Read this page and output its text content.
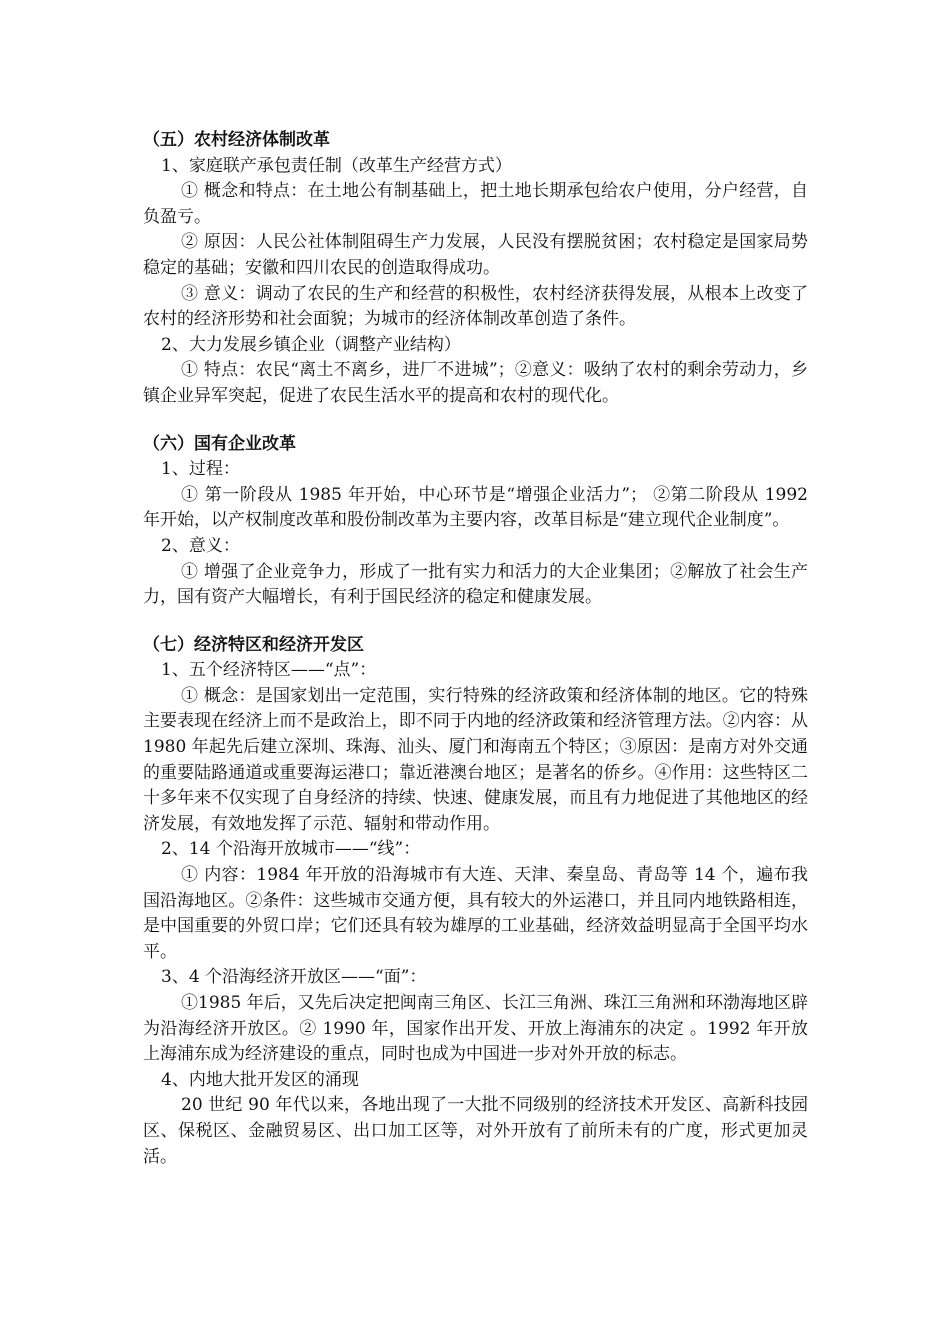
（五）农村经济体制改革

1、家庭联产承包责任制（改革生产经营方式）

① 概念和特点：在土地公有制基础上，把土地长期承包给农户使用，分户经营，自负盈亏。

② 原因：人民公社体制阻碍生产力发展，人民没有摆脱贫困；农村稳定是国家局势稳定的基础；安徽和四川农民的创造取得成功。

③ 意义：调动了农民的生产和经营的积极性，农村经济获得发展，从根本上改变了农村的经济形势和社会面貌；为城市的经济体制改革创造了条件。

2、大力发展乡镇企业（调整产业结构）

① 特点：农民“离土不离乡，进厂不进城”；②意义：吸纳了农村的剩余劳动力，乡镇企业异军突起，促进了农民生活水平的提高和农村的现代化。

（六）国有企业改革

1、过程：

① 第一阶段从 1985 年开始，中心环节是“增强企业活力”； ②第二阶段从 1992 年开始，以产权制度改革和股份制改革为主要内容，改革目标是“建立现代企业制度”。

2、意义：

① 增强了企业竞争力，形成了一批有实力和活力的大企业集团；②解放了社会生产力，国有资产大幅增长，有利于国民经济的稳定和健康发展。

（七）经济特区和经济开发区

1、五个经济特区——“点”：

① 概念：是国家划出一定范围，实行特殊的经济政策和经济体制的地区。它的特殊主要表现在经济上而不是政治上，即不同于内地的经济政策和经济管理方法。②内容：从 1980 年起先后建立深圳、珠海、汕头、厦门和海南五个特区；③原因：是南方对外交通的重要陆路通道或重要海运港口；靠近港澳台地区；是著名的侨乡。④作用：这些特区二十多年来不仅实现了自身经济的持续、快速、健康发展，而且有力地促进了其他地区的经济发展，有效地发挥了示范、辐射和带动作用。

2、14 个沿海开放城市——“线”：

① 内容：1984 年开放的沿海城市有大连、天津、秦皇岛、青岛等 14 个，遍布我国沿海地区。②条件：这些城市交通方便，具有较大的外运港口，并且同内地铁路相连，是中国重要的外贸口岸；它们还具有较为雄厚的工业基础，经济效益明显高于全国平均水平。

3、4 个沿海经济开放区——“面”：

①1985 年后，又先后决定把闽南三角区、长江三角洲、珠江三角洲和环渤海地区辟为沿海经济开放区。② 1990 年，国家作出开发、开放上海浦东的决定 。1992 年开放上海浦东成为经济建设的重点，同时也成为中国进一步对外开放的标志。

4、内地大批开发区的涌现

20 世纪 90 年代以来，各地出现了一大批不同级别的经济技术开发区、高新科技园区、保税区、金融贸易区、出口加工区等，对外开放有了前所未有的广度，形式更加灵活。
